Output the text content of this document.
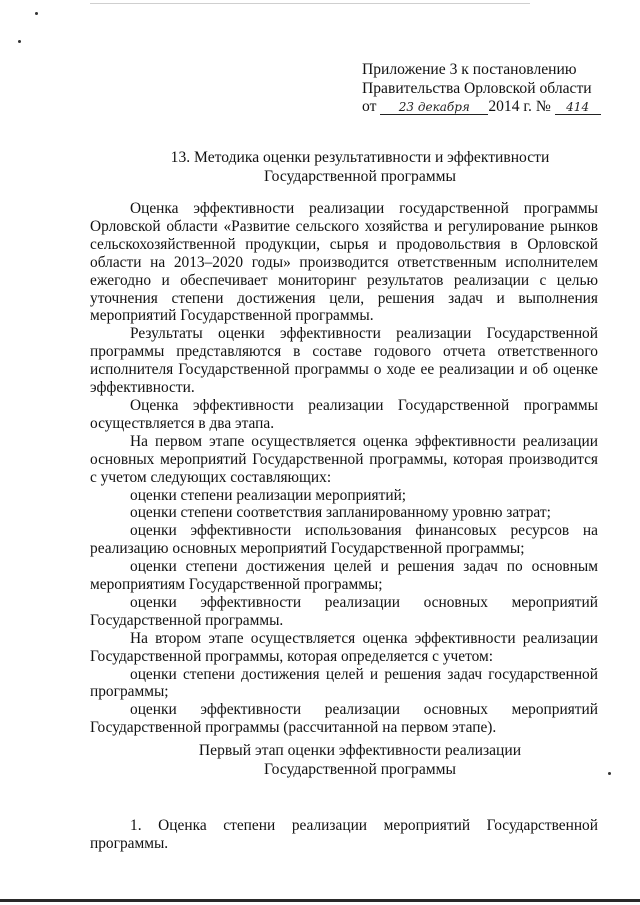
Приложение 3 к постановлению
Правительства Орловской области
от 23 декабря 2014 г. № 414
13. Методика оценки результативности и эффективности
Государственной программы

Оценка эффективности реализации государственной программы Орловской области «Развитие сельского хозяйства и регулирование рынков сельскохозяйственной продукции, сырья и продовольствия в Орловской области на 2013–2020 годы» производится ответственным исполнителем ежегодно и обеспечивает мониторинг результатов реализации с целью уточнения степени достижения цели, решения задач и выполнения мероприятий Государственной программы.

Результаты оценки эффективности реализации Государственной программы представляются в составе годового отчета ответственного исполнителя Государственной программы о ходе ее реализации и об оценке эффективности.

Оценка эффективности реализации Государственной программы осуществляется в два этапа.

На первом этапе осуществляется оценка эффективности реализации основных мероприятий Государственной программы, которая производится с учетом следующих составляющих:

оценки степени реализации мероприятий;

оценки степени соответствия запланированному уровню затрат;

оценки эффективности использования финансовых ресурсов на реализацию основных мероприятий Государственной программы;

оценки степени достижения целей и решения задач по основным мероприятиям Государственной программы;

оценки эффективности реализации основных мероприятий Государственной программы.

На втором этапе осуществляется оценка эффективности реализации Государственной программы, которая определяется с учетом:

оценки степени достижения целей и решения задач государственной программы;

оценки эффективности реализации основных мероприятий Государственной программы (рассчитанной на первом этапе).

Первый этап оценки эффективности реализации
Государственной программы

1. Оценка степени реализации мероприятий Государственной программы.
